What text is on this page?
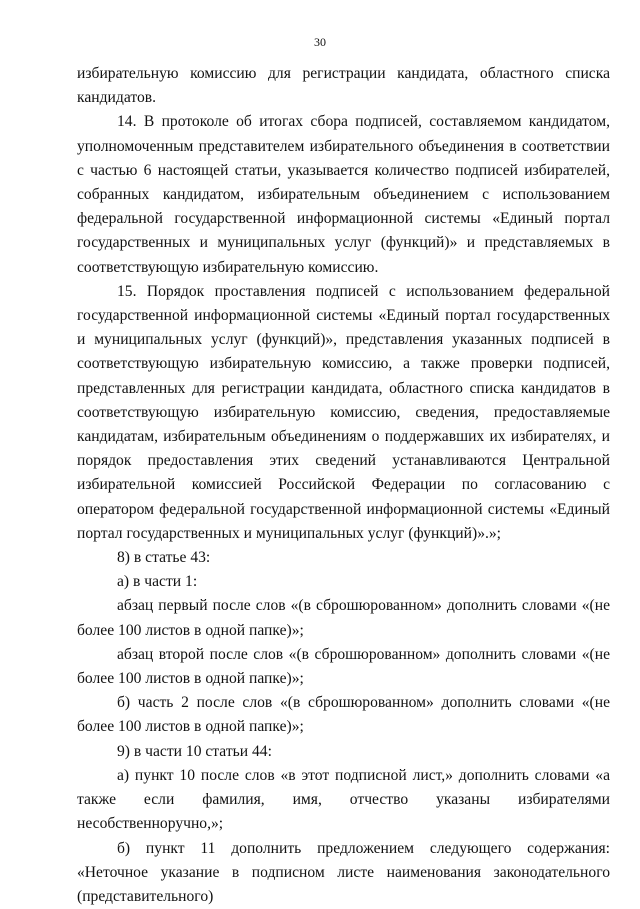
30

избирательную комиссию для регистрации кандидата, областного списка кандидатов.

14. В протоколе об итогах сбора подписей, составляемом кандидатом, уполномоченным представителем избирательного объединения в соответствии с частью 6 настоящей статьи, указывается количество подписей избирателей, собранных кандидатом, избирательным объединением с использованием федеральной государственной информационной системы «Единый портал государственных и муниципальных услуг (функций)» и представляемых в соответствующую избирательную комиссию.

15. Порядок проставления подписей с использованием федеральной государственной информационной системы «Единый портал государственных и муниципальных услуг (функций)», представления указанных подписей в соответствующую избирательную комиссию, а также проверки подписей, представленных для регистрации кандидата, областного списка кандидатов в соответствующую избирательную комиссию, сведения, предоставляемые кандидатам, избирательным объединениям о поддержавших их избирателях, и порядок предоставления этих сведений устанавливаются Центральной избирательной комиссией Российской Федерации по согласованию с оператором федеральной государственной информационной системы «Единый портал государственных и муниципальных услуг (функций)».»;

8) в статье 43:

а) в части 1:

абзац первый после слов «(в сброшюрованном» дополнить словами «(не более 100 листов в одной папке)»;

абзац второй после слов «(в сброшюрованном» дополнить словами «(не более 100 листов в одной папке)»;

б) часть 2 после слов «(в сброшюрованном» дополнить словами «(не более 100 листов в одной папке)»;

9) в части 10 статьи 44:

а) пункт 10 после слов «в этот подписной лист,» дополнить словами «а также если фамилия, имя, отчество указаны избирателями несобственноручно,»;

б) пункт 11 дополнить предложением следующего содержания: «Неточное указание в подписном листе наименования законодательного (представительного)
